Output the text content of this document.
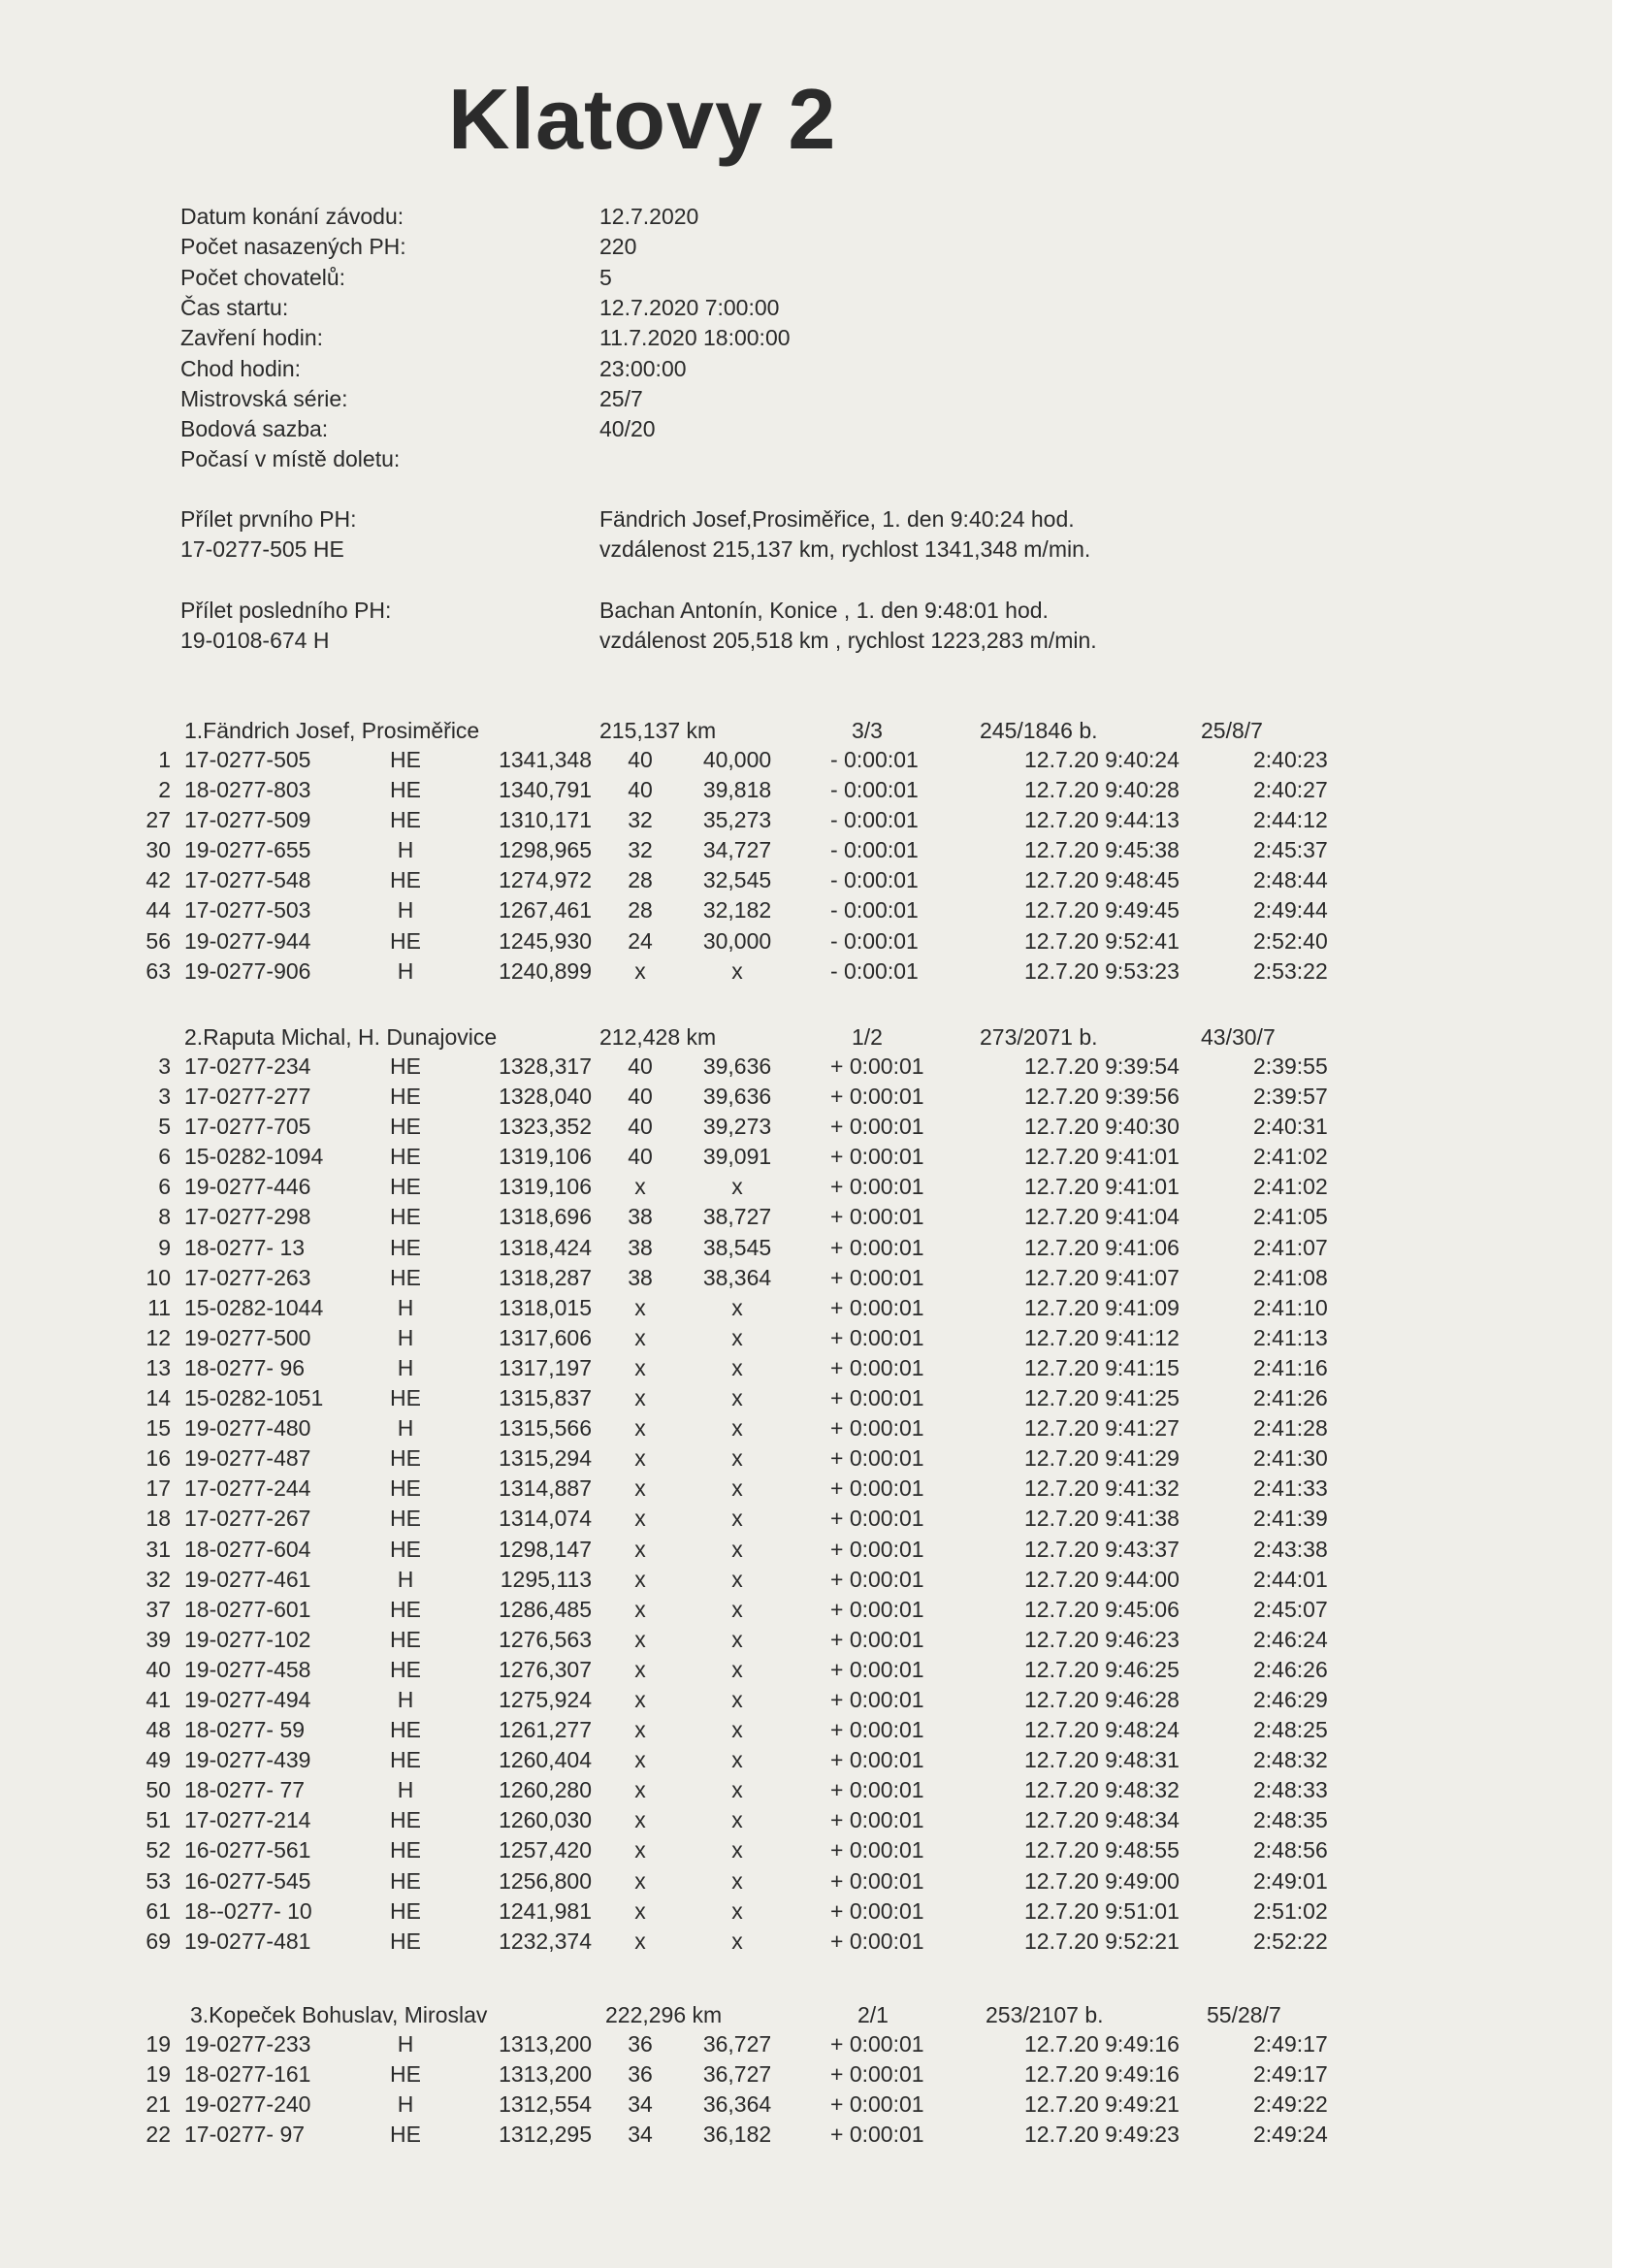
Klatovy 2
Datum konání závodu:	12.7.2020
Počet nasazených PH:	220
Počet chovatelů:	5
Čas startu:	12.7.2020 7:00:00
Zavření hodin:	11.7.2020 18:00:00
Chod hodin:	23:00:00
Mistrovská série:	25/7
Bodová sazba:	40/20
Počasí v místě doletu:
Přílet prvního PH:	Fändrich Josef,Prosiměřice, 1. den 9:40:24 hod.
17-0277-505 HE	vzdálenost 215,137 km, rychlost 1341,348 m/min.
Přílet posledního PH:	Bachan Antonín, Konice , 1. den 9:48:01 hod.
19-0108-674 H	vzdálenost 205,518 km , rychlost 1223,283 m/min.
1.Fändrich Josef, Prosiměřice	215,137 km	3/3	245/1846 b.	25/8/7
1 17-0277-505	HE	1341,348	40	40,000	- 0:00:01	12.7.20 9:40:24	2:40:23
2 18-0277-803	HE	1340,791	40	39,818	- 0:00:01	12.7.20 9:40:28	2:40:27
27 17-0277-509	HE	1310,171	32	35,273	- 0:00:01	12.7.20 9:44:13	2:44:12
30 19-0277-655	H	1298,965	32	34,727	- 0:00:01	12.7.20 9:45:38	2:45:37
42 17-0277-548	HE	1274,972	28	32,545	- 0:00:01	12.7.20 9:48:45	2:48:44
44 17-0277-503	H	1267,461	28	32,182	- 0:00:01	12.7.20 9:49:45	2:49:44
56 19-0277-944	HE	1245,930	24	30,000	- 0:00:01	12.7.20 9:52:41	2:52:40
63 19-0277-906	H	1240,899	x	x	- 0:00:01	12.7.20 9:53:23	2:53:22
2.Raputa Michal, H. Dunajovice	212,428 km	1/2	273/2071 b.	43/30/7
3 17-0277-234	HE	1328,317	40	39,636	+ 0:00:01	12.7.20 9:39:54	2:39:55
3 17-0277-277	HE	1328,040	40	39,636	+ 0:00:01	12.7.20 9:39:56	2:39:57
5 17-0277-705	HE	1323,352	40	39,273	+ 0:00:01	12.7.20 9:40:30	2:40:31
6 15-0282-1094	HE	1319,106	40	39,091	+ 0:00:01	12.7.20 9:41:01	2:41:02
6 19-0277-446	HE	1319,106	x	x	+ 0:00:01	12.7.20 9:41:01	2:41:02
8 17-0277-298	HE	1318,696	38	38,727	+ 0:00:01	12.7.20 9:41:04	2:41:05
9 18-0277- 13	HE	1318,424	38	38,545	+ 0:00:01	12.7.20 9:41:06	2:41:07
10 17-0277-263	HE	1318,287	38	38,364	+ 0:00:01	12.7.20 9:41:07	2:41:08
11 15-0282-1044	H	1318,015	x	x	+ 0:00:01	12.7.20 9:41:09	2:41:10
12 19-0277-500	H	1317,606	x	x	+ 0:00:01	12.7.20 9:41:12	2:41:13
13 18-0277- 96	H	1317,197	x	x	+ 0:00:01	12.7.20 9:41:15	2:41:16
14 15-0282-1051	HE	1315,837	x	x	+ 0:00:01	12.7.20 9:41:25	2:41:26
15 19-0277-480	H	1315,566	x	x	+ 0:00:01	12.7.20 9:41:27	2:41:28
16 19-0277-487	HE	1315,294	x	x	+ 0:00:01	12.7.20 9:41:29	2:41:30
17 17-0277-244	HE	1314,887	x	x	+ 0:00:01	12.7.20 9:41:32	2:41:33
18 17-0277-267	HE	1314,074	x	x	+ 0:00:01	12.7.20 9:41:38	2:41:39
31 18-0277-604	HE	1298,147	x	x	+ 0:00:01	12.7.20 9:43:37	2:43:38
32 19-0277-461	H	1295,113	x	x	+ 0:00:01	12.7.20 9:44:00	2:44:01
37 18-0277-601	HE	1286,485	x	x	+ 0:00:01	12.7.20 9:45:06	2:45:07
39 19-0277-102	HE	1276,563	x	x	+ 0:00:01	12.7.20 9:46:23	2:46:24
40 19-0277-458	HE	1276,307	x	x	+ 0:00:01	12.7.20 9:46:25	2:46:26
41 19-0277-494	H	1275,924	x	x	+ 0:00:01	12.7.20 9:46:28	2:46:29
48 18-0277- 59	HE	1261,277	x	x	+ 0:00:01	12.7.20 9:48:24	2:48:25
49 19-0277-439	HE	1260,404	x	x	+ 0:00:01	12.7.20 9:48:31	2:48:32
50 18-0277- 77	H	1260,280	x	x	+ 0:00:01	12.7.20 9:48:32	2:48:33
51 17-0277-214	HE	1260,030	x	x	+ 0:00:01	12.7.20 9:48:34	2:48:35
52 16-0277-561	HE	1257,420	x	x	+ 0:00:01	12.7.20 9:48:55	2:48:56
53 16-0277-545	HE	1256,800	x	x	+ 0:00:01	12.7.20 9:49:00	2:49:01
61 18--0277- 10	HE	1241,981	x	x	+ 0:00:01	12.7.20 9:51:01	2:51:02
69 19-0277-481	HE	1232,374	x	x	+ 0:00:01	12.7.20 9:52:21	2:52:22
3.Kopeček Bohuslav, Miroslav	222,296 km	2/1	253/2107 b.	55/28/7
19 19-0277-233	H	1313,200	36	36,727	+ 0:00:01	12.7.20 9:49:16	2:49:17
19 18-0277-161	HE	1313,200	36	36,727	+ 0:00:01	12.7.20 9:49:16	2:49:17
21 19-0277-240	H	1312,554	34	36,364	+ 0:00:01	12.7.20 9:49:21	2:49:22
22 17-0277- 97	HE	1312,295	34	36,182	+ 0:00:01	12.7.20 9:49:23	2:49:24
